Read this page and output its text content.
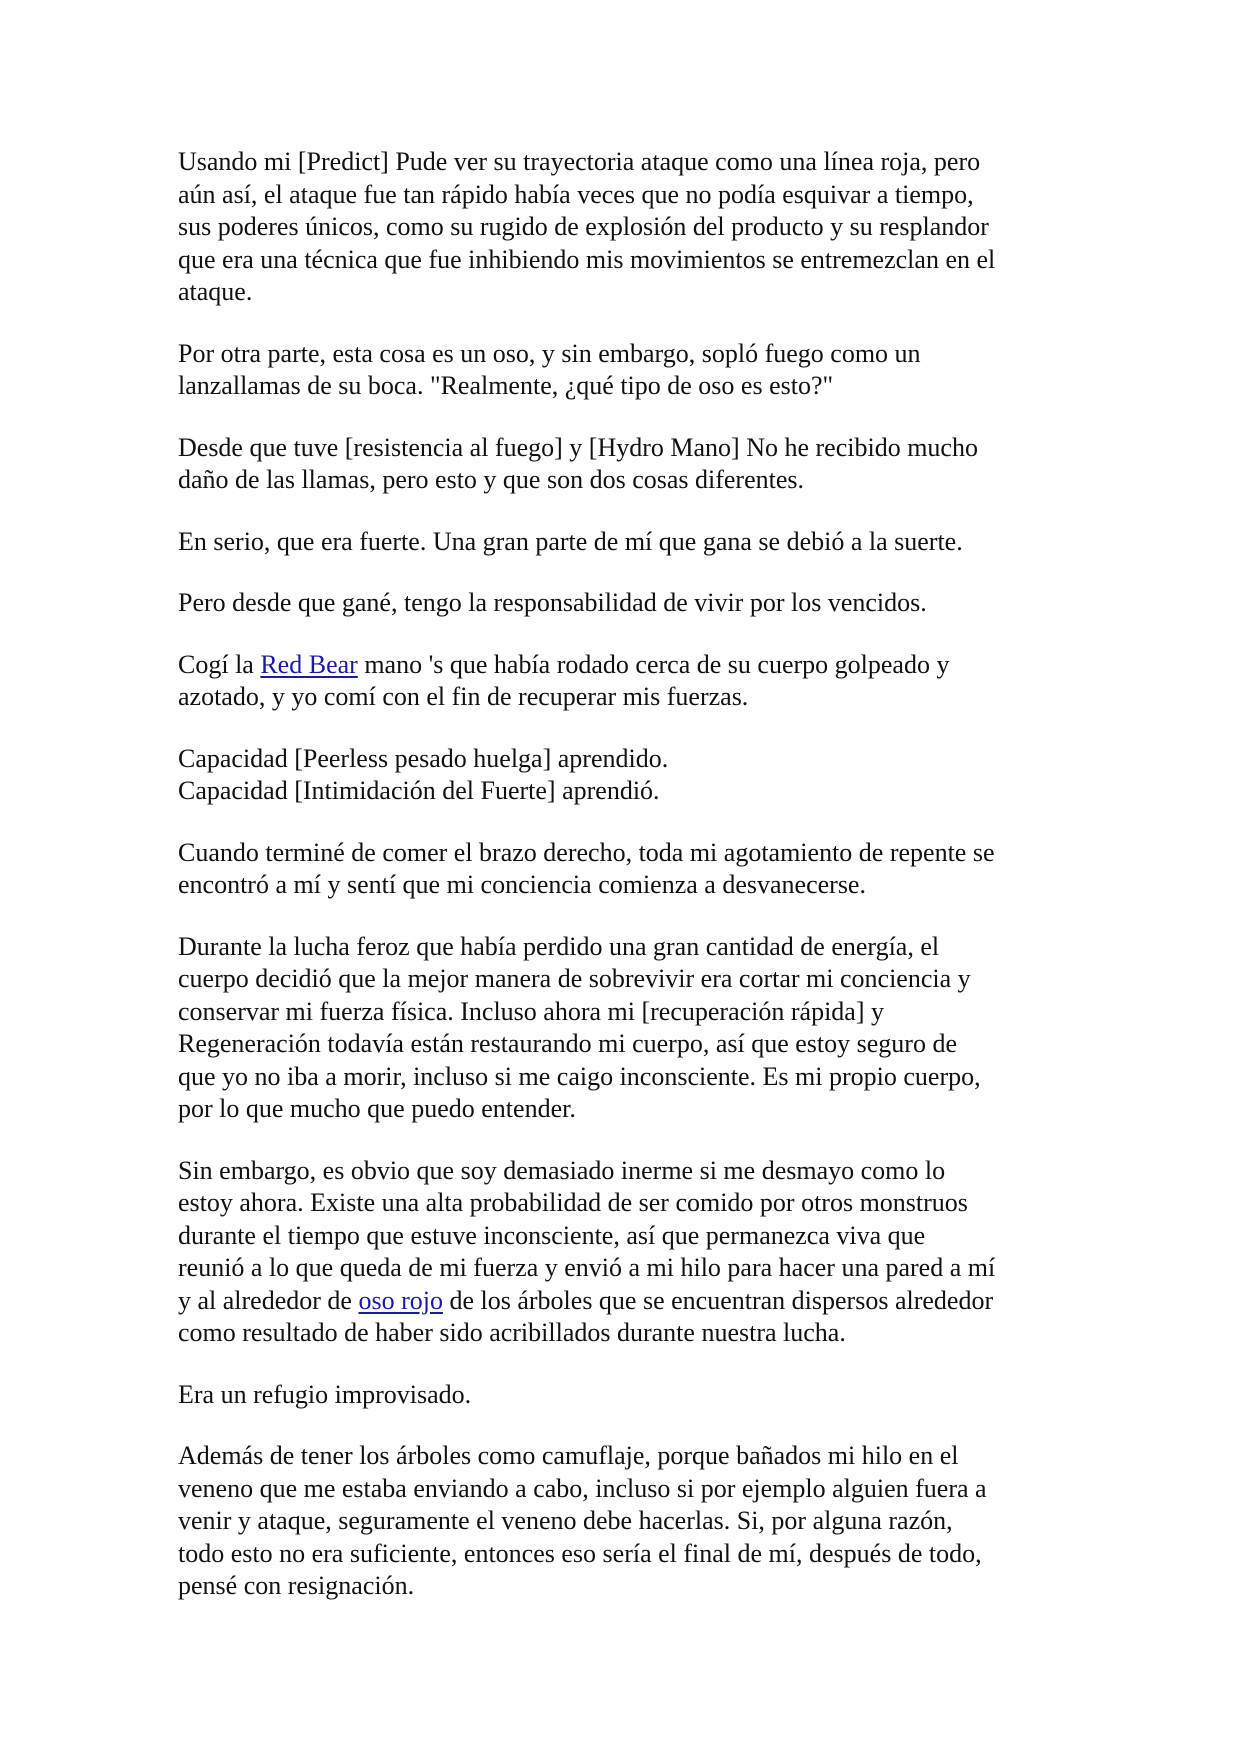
Usando mi [Predict] Pude ver su trayectoria ataque como una línea roja, pero
aún así, el ataque fue tan rápido había veces que no podía esquivar a tiempo,
sus poderes únicos, como su rugido de explosión del producto y su resplandor
que era una técnica que fue inhibiendo mis movimientos se entremezclan en el
ataque.

Por otra parte, esta cosa es un oso, y sin embargo, sopló fuego como un
lanzallamas de su boca. "Realmente, ¿qué tipo de oso es esto?"

Desde que tuve [resistencia al fuego] y [Hydro Mano] No he recibido mucho
daño de las llamas, pero esto y que son dos cosas diferentes.

En serio, que era fuerte. Una gran parte de mí que gana se debió a la suerte.

Pero desde que gané, tengo la responsabilidad de vivir por los vencidos.

Cogí la Red Bear mano 's que había rodado cerca de su cuerpo golpeado y
azotado, y yo comí con el fin de recuperar mis fuerzas.

Capacidad [Peerless pesado huelga] aprendido.
Capacidad [Intimidación del Fuerte] aprendió.

Cuando terminé de comer el brazo derecho, toda mi agotamiento de repente se
encontró a mí y sentí que mi conciencia comienza a desvanecerse.

Durante la lucha feroz que había perdido una gran cantidad de energía, el
cuerpo decidió que la mejor manera de sobrevivir era cortar mi conciencia y
conservar mi fuerza física. Incluso ahora mi [recuperación rápida] y
Regeneración todavía están restaurando mi cuerpo, así que estoy seguro de
que yo no iba a morir, incluso si me caigo inconsciente. Es mi propio cuerpo,
por lo que mucho que puedo entender.

Sin embargo, es obvio que soy demasiado inerme si me desmayo como lo
estoy ahora. Existe una alta probabilidad de ser comido por otros monstruos
durante el tiempo que estuve inconsciente, así que permanezca viva que
reunió a lo que queda de mi fuerza y envió a mi hilo para hacer una pared a mí
y al alrededor de oso rojo de los árboles que se encuentran dispersos alrededor
como resultado de haber sido acribillados durante nuestra lucha.

Era un refugio improvisado.

Además de tener los árboles como camuflaje, porque bañados mi hilo en el
veneno que me estaba enviando a cabo, incluso si por ejemplo alguien fuera a
venir y ataque, seguramente el veneno debe hacerlas. Si, por alguna razón,
todo esto no era suficiente, entonces eso sería el final de mí, después de todo,
pensé con resignación.
